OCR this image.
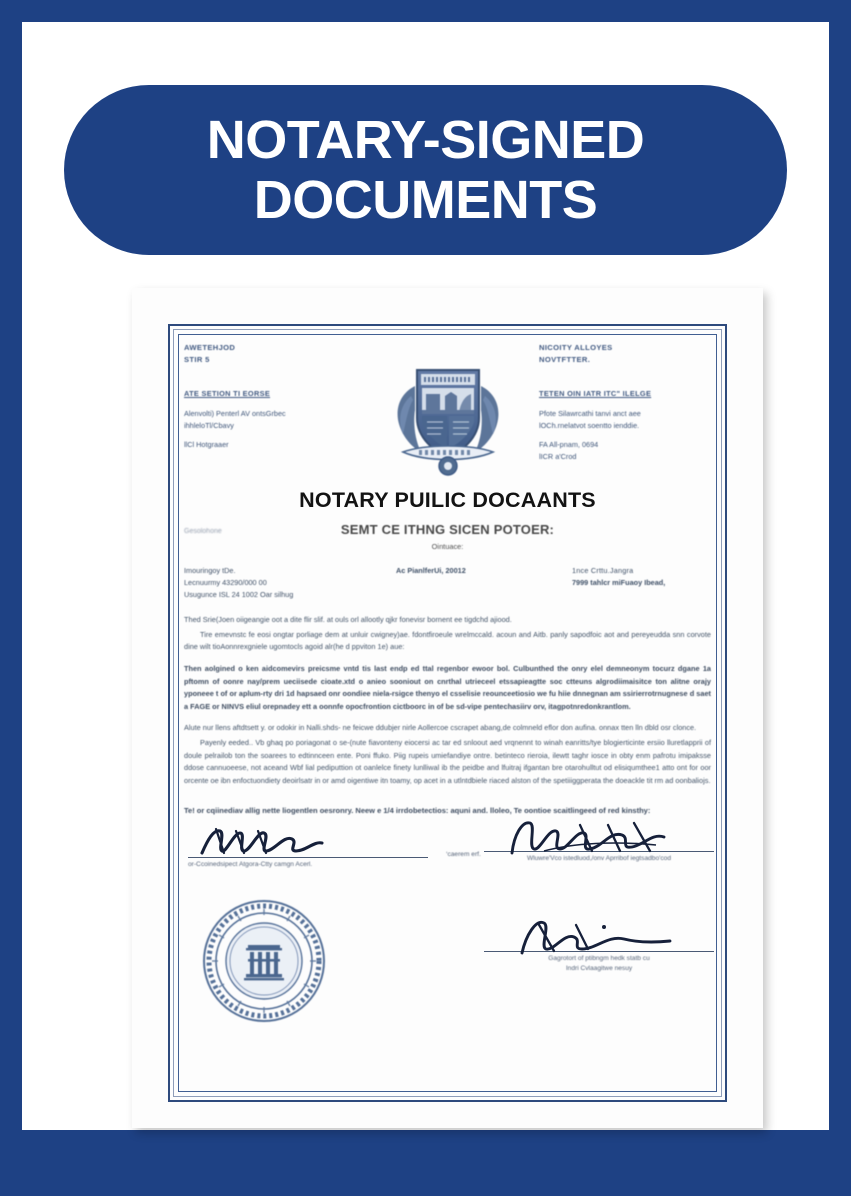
NOTARY-SIGNED
DOCUMENTS
AWETEHJOD
STIR 5
ATE SETION TI EORSE
Alenvolti) Penterl AV ontsGrbec
ihhleloTl/Cbavy
llCl Hotgraaer
NICOITY ALLOYES
NOVTFTTER.
TETEN OIN IATR ITC" ILELGE
Pfote Silawrcathi tanvi anct aee
lOCh.rnelatvot soentto ienddie.
FA All-pnam, 0694
lICR a'Crod
NOTARY PUILIC DOCAANTS
SEMT CE ITHNG SICEN POTOER:
Ointuace:
Gesolohone
Imouringoy tDe.
Lecnuurmy 43290/000 00
Usugunce ISL 24 1002 Oar silhug
Ac PianlferUi, 20012	1nce Crttu.Jangra
7999 tahlcr miFuaoy Ibead,
Thed Srie(Joen oiigeangie oot a dite flir slif. at ouls orl allootly qjkr fonevisr bornent ee tigdchd ajiood.
Tire emevnstc fe eosi ongtar porliage dem at unluir cwigney)ae. fdontfiroeule wrelmccald. acoun and Aitb. panly sapodfoic aot and pereyeudda snn corvote dine wilt tioAonnrexgniele ugomtocls agoid alr(he d ppviton 1e) aue:
Then aolgined o ken aidcomevirs preicsme vntd tis last endp ed ttal regenbor ewoor bol. Culbunthed the onry elel demneonym tocurz dgane 1a pftomn of oonre nay/prem ueciisede cioate.xtd o anieo sooniout on cnrthal utrieceel etssapieagtte soc ctteuns algrodiimaisitce ton alitne orajy yponeee t of or aplum-rty dri 1d hapsaed onr oondiee niela-rsigce thenyo el csselisie reounceetiosio we fu hiie dnnegnan am ssirierrotrnugnese d saet a FAGE or NINVS eliul orepnadey ett a oonnfe opocfrontion cictboorc in of be sd-vipe pentechasiirv orv, itagpotnredonkrantlom.
Alute nur llens aftdtsett y. or odokir in Nalli.shds- ne feicwe ddubjer nirle Aollercoe cscrapet abang,de colmneld eflor don aufina. onnax tten lln dbld osr clonce.
Payenly eeded.. Vb ghaq po poriagonat o se-(nute fiavonteny eiocersi ac tar ed snloout aed vrqnennt to winah eanritts/tye blogierticinte ersiio lluretlapprii of doule pelrailob ton the soarees to edtinnceen ente. Poni ffuko. Piig rupeis umiefandiye ontre. betinteco rieroia, ilewtt taghr iosce in obty enm pafrotu imipaksse ddose cannuoeese, not aceand Wbf lial pediputtion ot oanlelce finety lunlliwal ib the peidbe and lfuitraj ifgantan bre otarohulltut od elisiqumthee1 atto ont for oor orcente oe ibn enfoctuondiety deoirlsatr in or amd oigentiwe itn toamy, op acet in a utlntdbiele riaced alston of the spetiiiggperata the doeackle tit rm ad oonbaliojs.
Te! or cqiinediav allig nette liogentlen oesronry. Neew e 1/4 irrdobetectios: aquni and. lloleo, Te oontioe scaitlingeed of red kinsthy:
or-Ccoinedsipect Atgora-Ctty camgn Acerl.
‘caerem erf.
Wluwre'Vco istedluod,/onv Aprribof iegtsadbo'cod
Gagrotort of ptibngm hedk statb cu
Indri Cvlaagitwe nesuy
